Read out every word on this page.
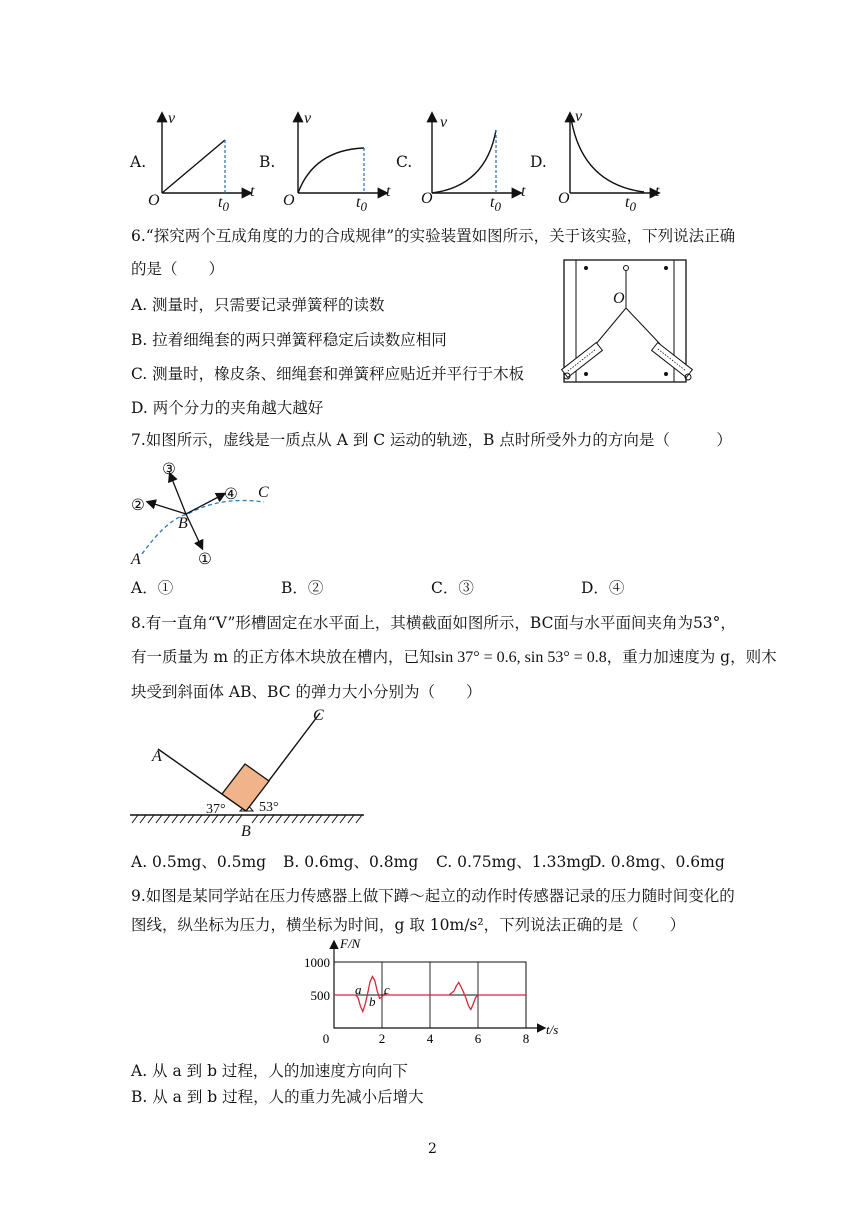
A.
v
O
t
$t_0$
B.
v
O
t
$t_0$
C.
v
O	t
$t_0$
D.
v
O	t
$t_0$
6.“探究两个互成角度的力的合成规律”的实验装置如图所示，关于该实验，下列说法正确
的是（　　）
A. 测量时，只需要记录弹簧秤的读数
B. 拉着细绳套的两只弹簧秤稳定后读数应相同
C. 测量时，橡皮条、细绳套和弹簧秤应贴近并平行于木板
D. 两个分力的夹角越大越好
O
7.如图所示，虚线是一质点从 A 到 C 运动的轨迹，B 点时所受外力的方向是（　　　）
③
②
④
①
C
B
A
A．①	B．②	C．③	D．④
8.有一直角“V”形槽固定在水平面上，其横截面如图所示，BC面与水平面间夹角为53°，
有一质量为 m 的正方体木块放在槽内，已知sin 37° = 0.6, sin 53° = 0.8，重力加速度为 g，则木
块受到斜面体 AB、BC 的弹力大小分别为（　　）
A
C
B
37° 53°
A. 0.5mg、0.5mg B. 0.6mg、0.8mg C. 0.75mg、1.33mg
D. 0.8mg、0.6mg
9.如图是某同学站在压力传感器上做下蹲～起立的动作时传感器记录的压力随时间变化的
图线，纵坐标为压力，横坐标为时间，g 取 10m/s²，下列说法正确的是（　　）
500
1000
0	2	4	6	8
F/N
t/s
a
b
c
A. 从 a 到 b 过程，人的加速度方向向下
B. 从 a 到 b 过程，人的重力先减小后增大
2
